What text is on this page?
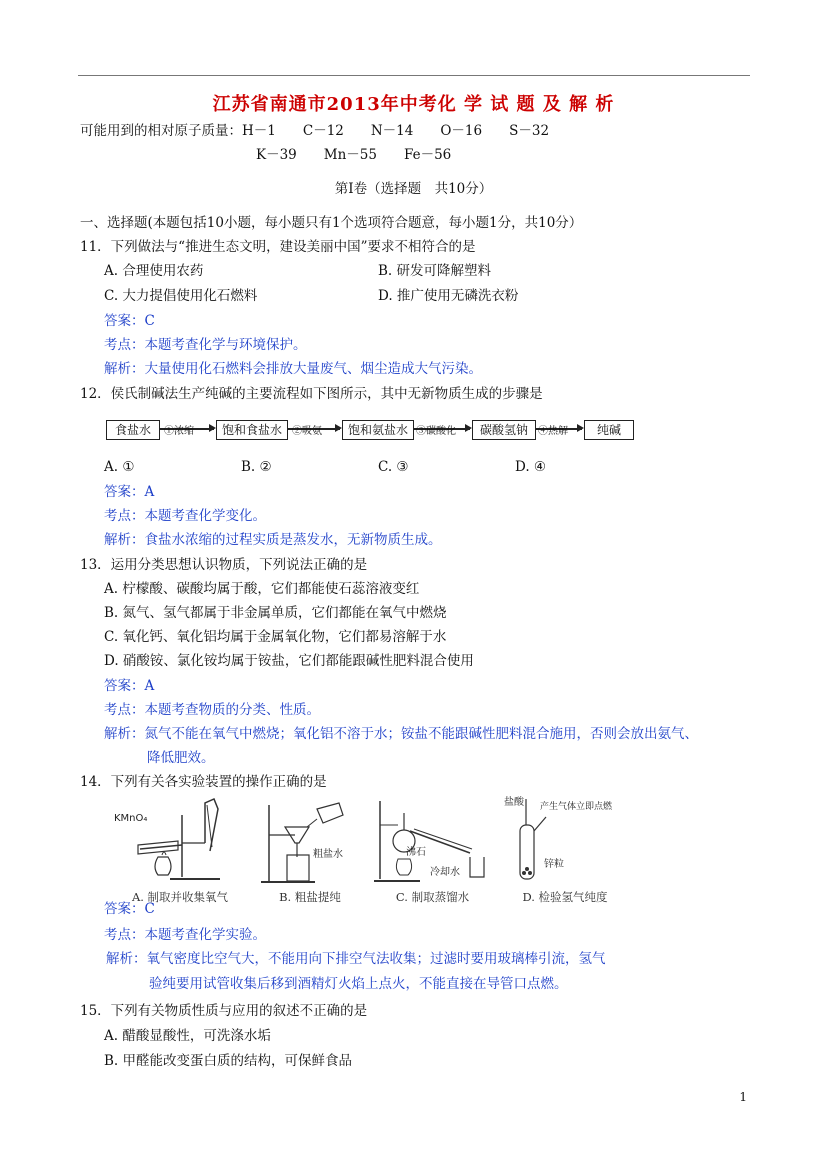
江苏省南通市2013年中考化 学 试 题 及 解 析
可能用到的相对原子质量：H－1　　C－12　　N－14　　O－16　　S－32
K－39　　Mn－55　　Fe－56
第Ⅰ卷（选择题　共10分）
一、选择题(本题包括10小题，每小题只有1个选项符合题意，每小题1分，共10分）
11．下列做法与“推进生态文明，建设美丽中国”要求不相符合的是
A. 合理使用农药	B. 研发可降解塑料
C. 大力提倡使用化石燃料	D. 推广使用无磷洗衣粉
答案：C
考点：本题考查化学与环境保护。
解析：大量使用化石燃料会排放大量废气、烟尘造成大气污染。
12．侯氏制碱法生产纯碱的主要流程如下图所示，其中无新物质生成的步骤是
食盐水	①浓缩	饱和食盐水	②吸氨	饱和氨盐水 ③碳酸化	碳酸氢钠	④热解	纯碱
A. ①	B. ②	C. ③	D. ④
答案：A
考点：本题考查化学变化。
解析：食盐水浓缩的过程实质是蒸发水，无新物质生成。
13．运用分类思想认识物质，下列说法正确的是
A. 柠檬酸、碳酸均属于酸，它们都能使石蕊溶液变红
B. 氮气、氢气都属于非金属单质，它们都能在氧气中燃烧
C. 氧化钙、氧化铝均属于金属氧化物，它们都易溶解于水
D. 硝酸铵、氯化铵均属于铵盐，它们都能跟碱性肥料混合使用
答案：A
考点：本题考查物质的分类、性质。
解析：氮气不能在氧气中燃烧；氧化铝不溶于水；铵盐不能跟碱性肥料混合施用，否则会放出氨气、
降低肥效。
14．下列有关各实验装置的操作正确的是
KMnO₄
A. 制取并收集氧气
粗盐水
B. 粗盐提纯
沸石
冷却水
C. 制取蒸馏水
盐酸 产生气体立即点燃
锌粒
D. 检验氢气纯度
答案：C
考点：本题考查化学实验。
解析：氧气密度比空气大，不能用向下排空气法收集；过滤时要用玻璃棒引流，氢气
验纯要用试管收集后移到酒精灯火焰上点火，不能直接在导管口点燃。
15．下列有关物质性质与应用的叙述不正确的是
A. 醋酸显酸性，可洗涤水垢
B. 甲醛能改变蛋白质的结构，可保鲜食品
1
